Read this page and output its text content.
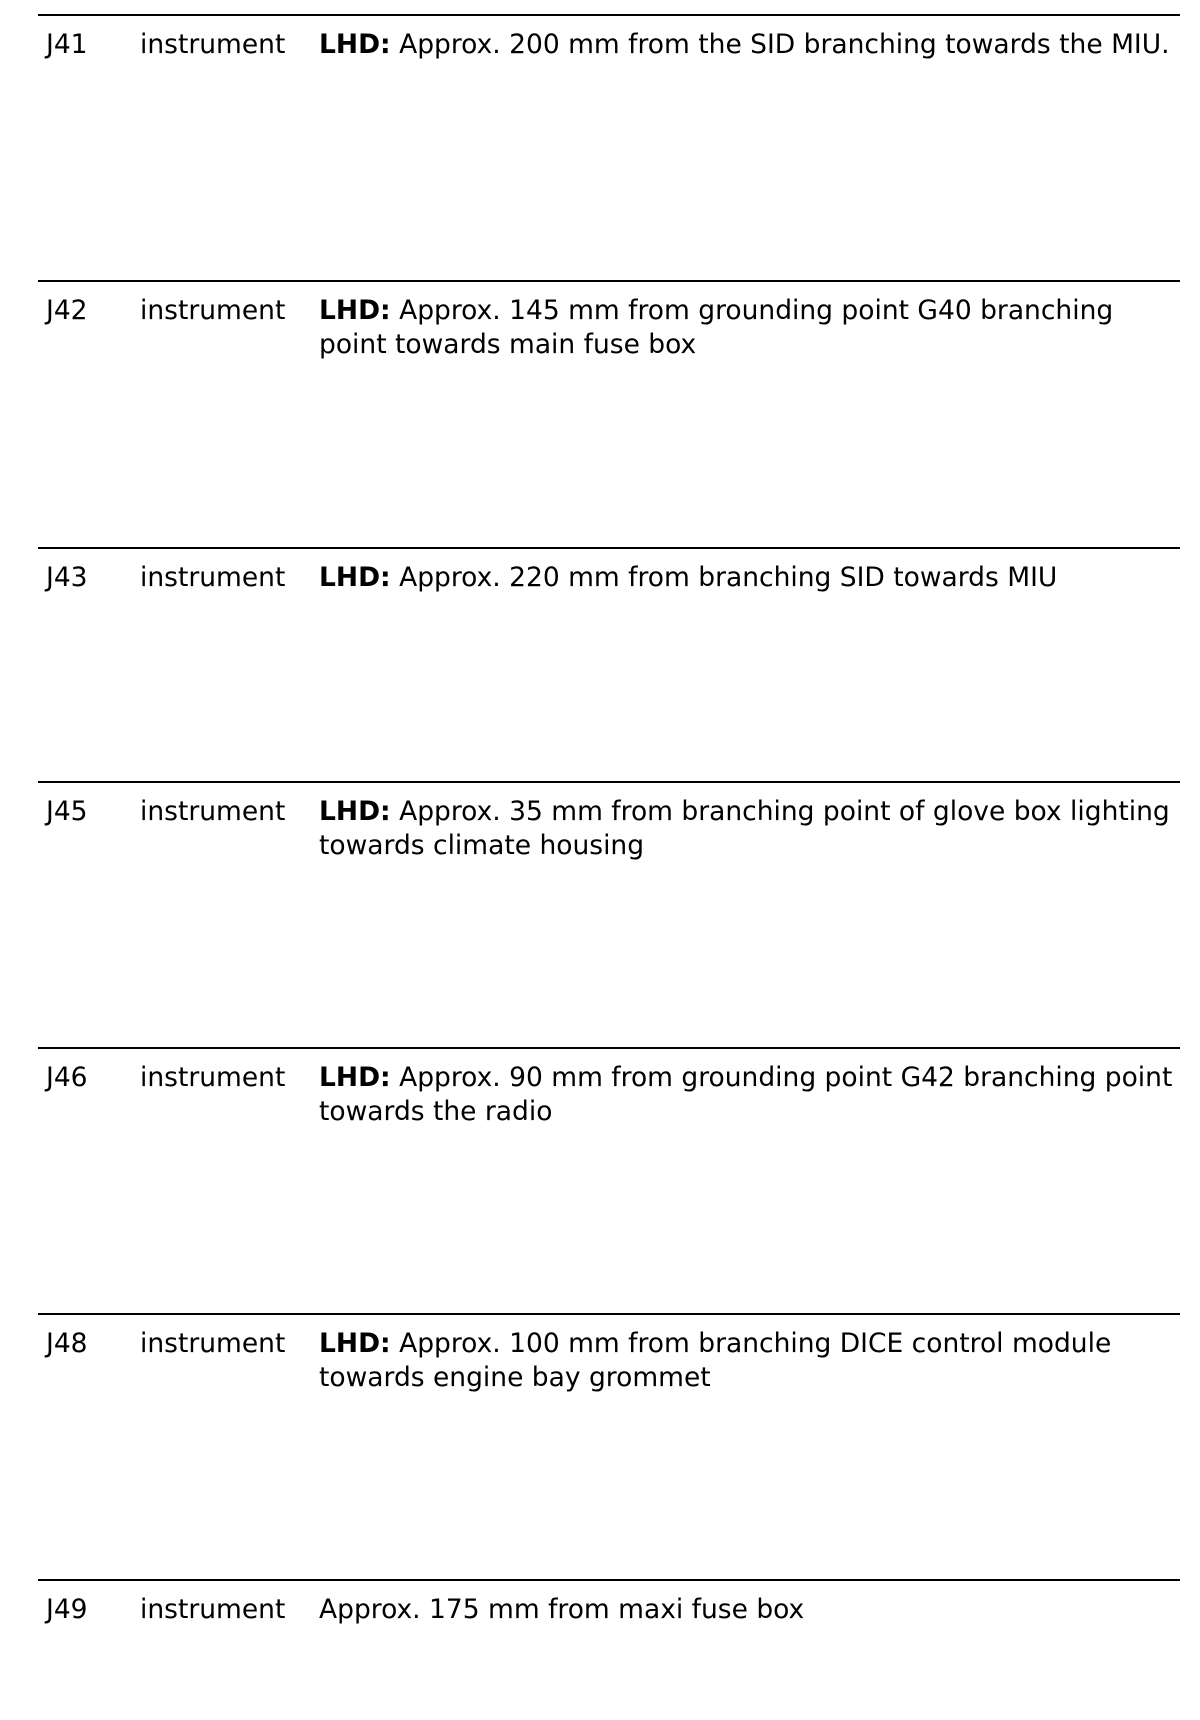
J41 instrument LHD: Approx. 200 mm from the SID branching towards the MIU.
J42 instrument LHD: Approx. 145 mm from grounding point G40 branching point towards main fuse box
J43 instrument LHD: Approx. 220 mm from branching SID towards MIU
J45 instrument LHD: Approx. 35 mm from branching point of glove box lighting towards climate housing
J46 instrument LHD: Approx. 90 mm from grounding point G42 branching point towards the radio
J48 instrument LHD: Approx. 100 mm from branching DICE control module towards engine bay grommet
J49 instrument Approx. 175 mm from maxi fuse box
